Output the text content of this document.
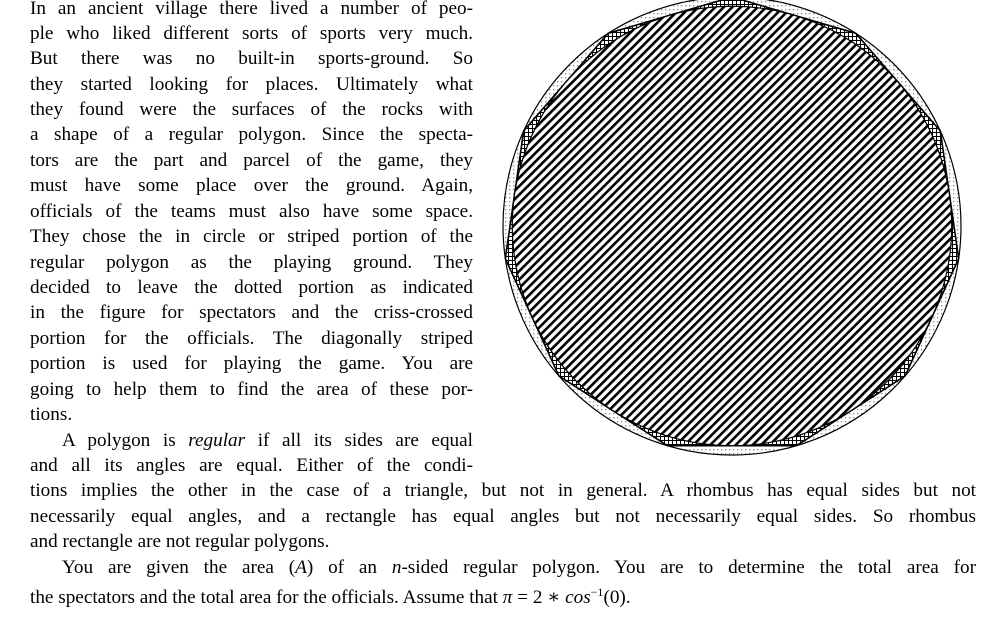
In an ancient village there lived a number of peo-

ple who liked different sorts of sports very much.

But there was no built-in sports-ground. So

they started looking for places. Ultimately what

they found were the surfaces of the rocks with

a shape of a regular polygon. Since the specta-

tors are the part and parcel of the game, they

must have some place over the ground. Again,

officials of the teams must also have some space.

They chose the in circle or striped portion of the

regular polygon as the playing ground. They

decided to leave the dotted portion as indicated

in the figure for spectators and the criss-crossed

portion for the officials. The diagonally striped

portion is used for playing the game. You are

going to help them to find the area of these por-

tions.

A polygon is regular if all its sides are equal

and all its angles are equal. Either of the condi-

tions implies the other in the case of a triangle, but not in general. A rhombus has equal sides but not

necessarily equal angles, and a rectangle has equal angles but not necessarily equal sides. So rhombus

and rectangle are not regular polygons.

You are given the area (A) of an n-sided regular polygon. You are to determine the total area for

the spectators and the total area for the officials. Assume that π = 2 ∗ $\cos^{-1}(0)$.
